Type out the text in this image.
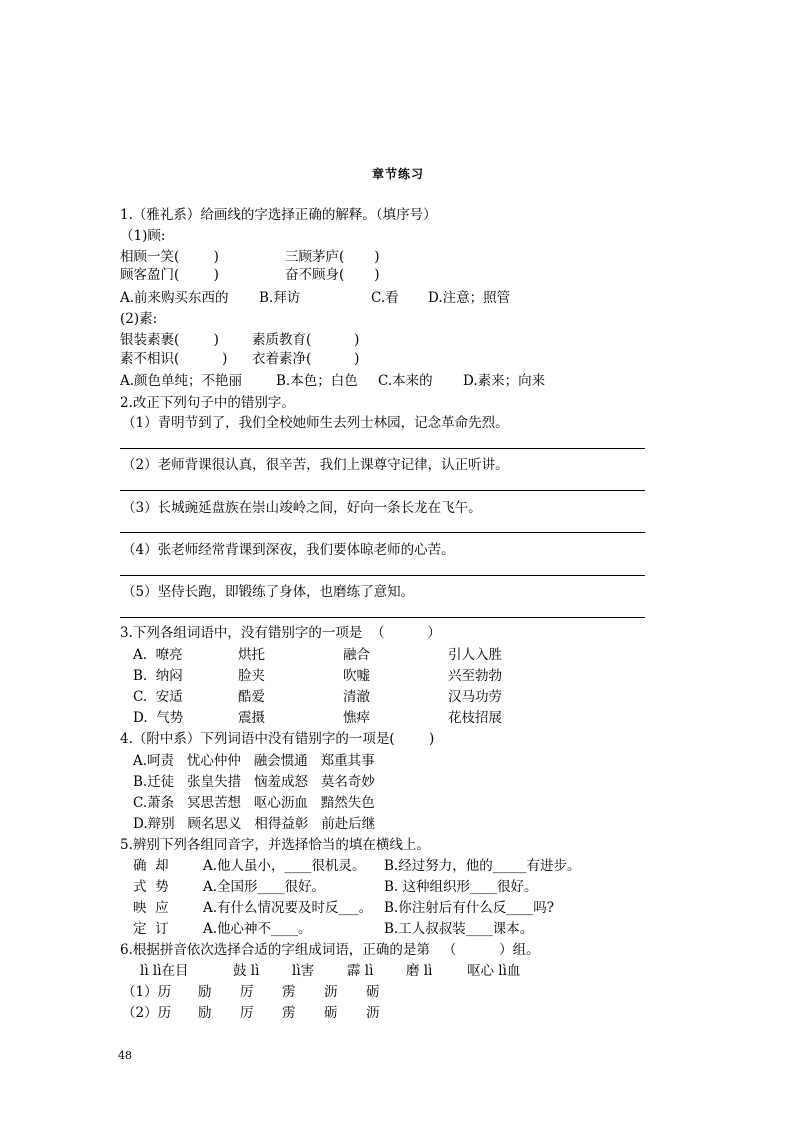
章节练习
1.（雅礼系）给画线的字选择正确的解释。（填序号）
（1)顾:
相顾一笑(        )	三顾茅庐(       )
顾客盈门(        )	奋不顾身(       )
A.前来购买东西的 B.拜访	C.看 D.注意；照管
(2)素:
银装素裹(        ) 素质教育(          )
素不相识(          ) 衣着素净(          )
A.颜色单纯；不艳丽	B.本色；白色 C.本来的 D.素来；向来
2.改正下列句子中的错别字。
（1）青明节到了，我们全校她师生去列士林园，记念革命先烈。
（2）老师背课很认真，很辛苦，我们上课尊守记律，认正听讲。
（3）长城豌延盘族在崇山竣岭之间，好向一条长龙在飞午。
（4）张老师经常背课到深夜，我们要体晾老师的心苦。
（5）坚侍长跑，即锻练了身体，也磨练了意知。
3.下列各组词语中，没有错别字的一项是  （          ）
A.  嘹亮	烘托	融合	引人入胜
B.  纳闷	脸夹	吹嘘	兴至勃勃
C.  安适	酷爱	清澈	汉马功劳
D.  气势	震摄	憔瘁	花枝招展
4.（附中系）下列词语中没有错别字的一项是(        )
A.呵责   忧心仲仲   融会惯通   郑重其事
B.迁徒   张皇失措   恼羞成怒   莫名奇妙
C.萧条   冥思苦想   呕心沥血   黯然失色
D.辩别   顾名思义   相得益彰   前赴后继
5.辨别下列各组同音字，并选择恰当的填在横线上。
确  却	A.他人虽小，____很机灵。 B.经过努力，他的_____有进步。
式  势	A.全国形____很好。	B. 这种组织形____很好。
映  应	A.有什么情况要及时反___。 B.你注射后有什么反____吗?
定  订	A.他心神不____。	B.工人叔叔装____课本。
6.根据拼音依次选择合适的字组成词语，正确的是第   （          ）组。
lì lì在目	鼓 lì lì害 霹 lì 磨 lì	呕心 lì血
（1）历 励 厉 雳 沥 砺
（2）历 励 厉 雳 砺 沥
48
